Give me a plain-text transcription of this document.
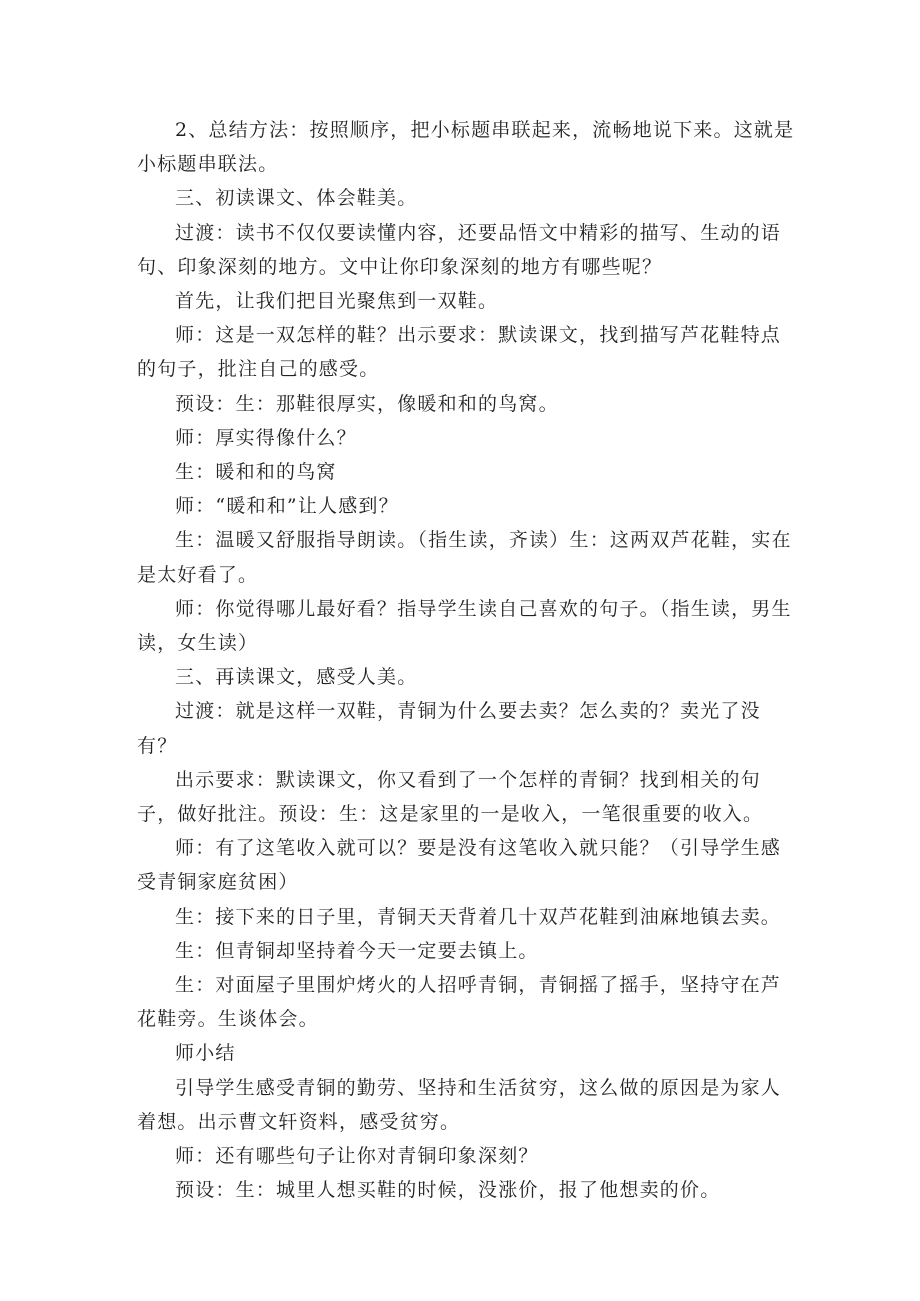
2、总结方法：按照顺序，把小标题串联起来，流畅地说下来。这就是小标题串联法。

三、初读课文、体会鞋美。

过渡：读书不仅仅要读懂内容，还要品悟文中精彩的描写、生动的语句、印象深刻的地方。文中让你印象深刻的地方有哪些呢？

首先，让我们把目光聚焦到一双鞋。

师：这是一双怎样的鞋？出示要求：默读课文，找到描写芦花鞋特点的句子，批注自己的感受。

预设：生：那鞋很厚实，像暖和和的鸟窝。

师：厚实得像什么？

生：暖和和的鸟窝

师：“暖和和”让人感到？

生：温暖又舒服指导朗读。（指生读，齐读）生：这两双芦花鞋，实在是太好看了。

师：你觉得哪儿最好看？指导学生读自己喜欢的句子。（指生读，男生读，女生读）

三、再读课文，感受人美。

过渡：就是这样一双鞋，青铜为什么要去卖？怎么卖的？卖光了没有？

出示要求：默读课文，你又看到了一个怎样的青铜？找到相关的句子，做好批注。预设：生：这是家里的一是收入，一笔很重要的收入。

师：有了这笔收入就可以？要是没有这笔收入就只能？（引导学生感受青铜家庭贫困）

生：接下来的日子里，青铜天天背着几十双芦花鞋到油麻地镇去卖。

生：但青铜却坚持着今天一定要去镇上。

生：对面屋子里围炉烤火的人招呼青铜，青铜摇了摇手，坚持守在芦花鞋旁。生谈体会。

师小结

引导学生感受青铜的勤劳、坚持和生活贫穷，这么做的原因是为家人着想。出示曹文轩资料，感受贫穷。

师：还有哪些句子让你对青铜印象深刻？

预设：生：城里人想买鞋的时候，没涨价，报了他想卖的价。
